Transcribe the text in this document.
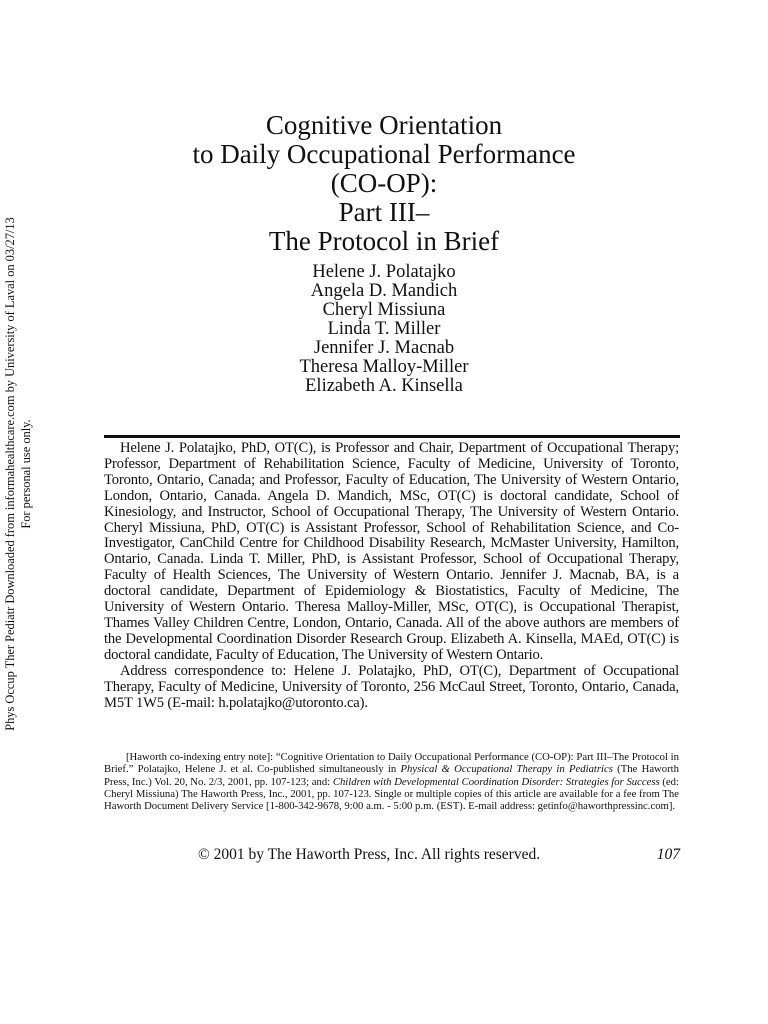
Phys Occup Ther Pediatr Downloaded from informahealthcare.com by University of Laval on 03/27/13 For personal use only.
Cognitive Orientation
to Daily Occupational Performance
(CO-OP):
Part III–
The Protocol in Brief
Helene J. Polatajko
Angela D. Mandich
Cheryl Missiuna
Linda T. Miller
Jennifer J. Macnab
Theresa Malloy-Miller
Elizabeth A. Kinsella

Helene J. Polatajko, PhD, OT(C), is Professor and Chair, Department of Occupational Therapy; Professor, Department of Rehabilitation Science, Faculty of Medicine, University of Toronto, Toronto, Ontario, Canada; and Professor, Faculty of Education, The University of Western Ontario, London, Ontario, Canada. Angela D. Mandich, MSc, OT(C) is doctoral candidate, School of Kinesiology, and Instructor, School of Occupational Therapy, The University of Western Ontario. Cheryl Missiuna, PhD, OT(C) is Assistant Professor, School of Rehabilitation Science, and Co-Investigator, CanChild Centre for Childhood Disability Research, McMaster University, Hamilton, Ontario, Canada. Linda T. Miller, PhD, is Assistant Professor, School of Occupational Therapy, Faculty of Health Sciences, The University of Western Ontario. Jennifer J. Macnab, BA, is a doctoral candidate, Department of Epidemiology & Biostatistics, Faculty of Medicine, The University of Western Ontario. Theresa Malloy-Miller, MSc, OT(C), is Occupational Therapist, Thames Valley Children Centre, London, Ontario, Canada. All of the above authors are members of the Developmental Coordination Disorder Research Group. Elizabeth A. Kinsella, MAEd, OT(C) is doctoral candidate, Faculty of Education, The University of Western Ontario.

Address correspondence to: Helene J. Polatajko, PhD, OT(C), Department of Occupational Therapy, Faculty of Medicine, University of Toronto, 256 McCaul Street, Toronto, Ontario, Canada, M5T 1W5 (E-mail: h.polatajko@utoronto.ca).

[Haworth co-indexing entry note]: “Cognitive Orientation to Daily Occupational Performance (CO-OP): Part III–The Protocol in Brief.” Polatajko, Helene J. et al. Co-published simultaneously in Physical & Occupational Therapy in Pediatrics (The Haworth Press, Inc.) Vol. 20, No. 2/3, 2001, pp. 107-123; and: Children with Developmental Coordination Disorder: Strategies for Success (ed: Cheryl Missiuna) The Haworth Press, Inc., 2001, pp. 107-123. Single or multiple copies of this article are available for a fee from The Haworth Document Delivery Service [1-800-342-9678, 9:00 a.m. - 5:00 p.m. (EST). E-mail address: getinfo@haworthpressinc.com].

© 2001 by The Haworth Press, Inc. All rights reserved.	107
